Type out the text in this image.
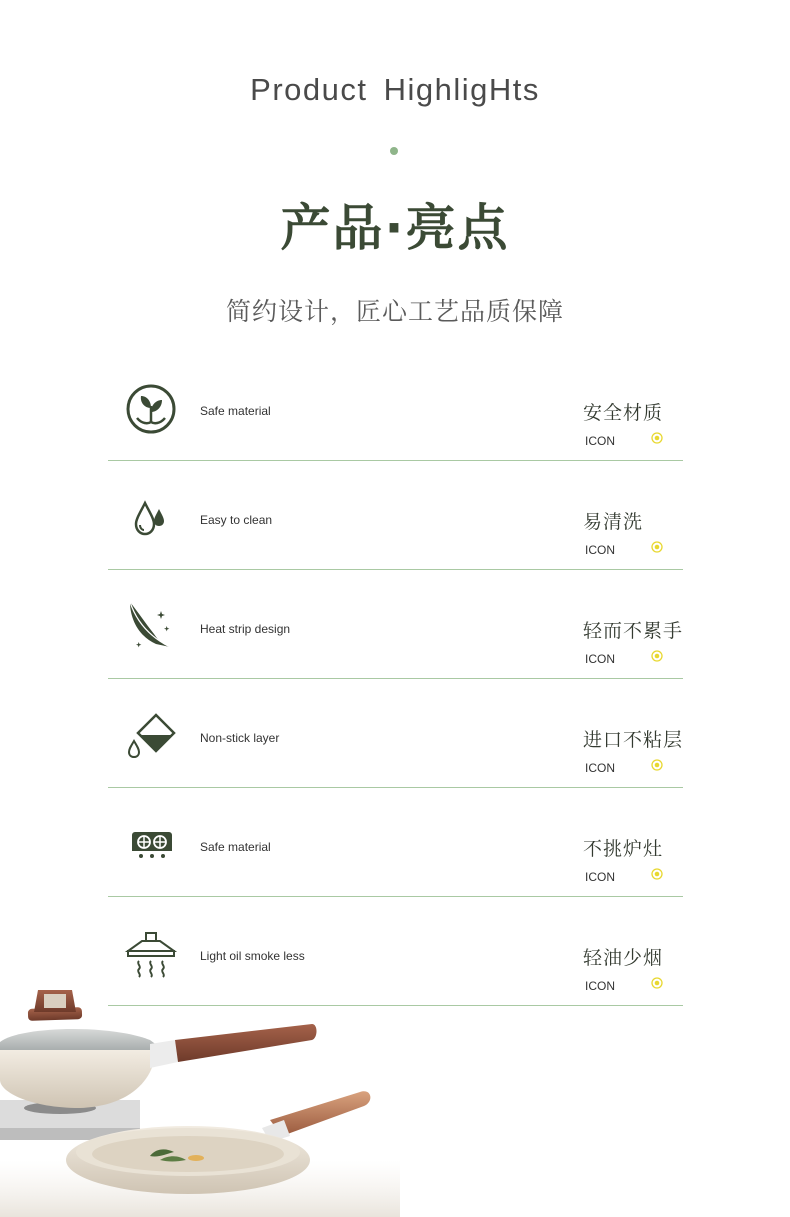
Product HighligHts
产品·亮点
简约设计，匠心工艺品质保障
Safe material	安全材质
ICON
Easy to clean	易清洗
ICON
Heat strip design	轻而不累手
ICON
Non-stick layer	进口不粘层
ICON
Safe material	不挑炉灶
ICON
Light oil smoke less	轻油少烟
ICON
